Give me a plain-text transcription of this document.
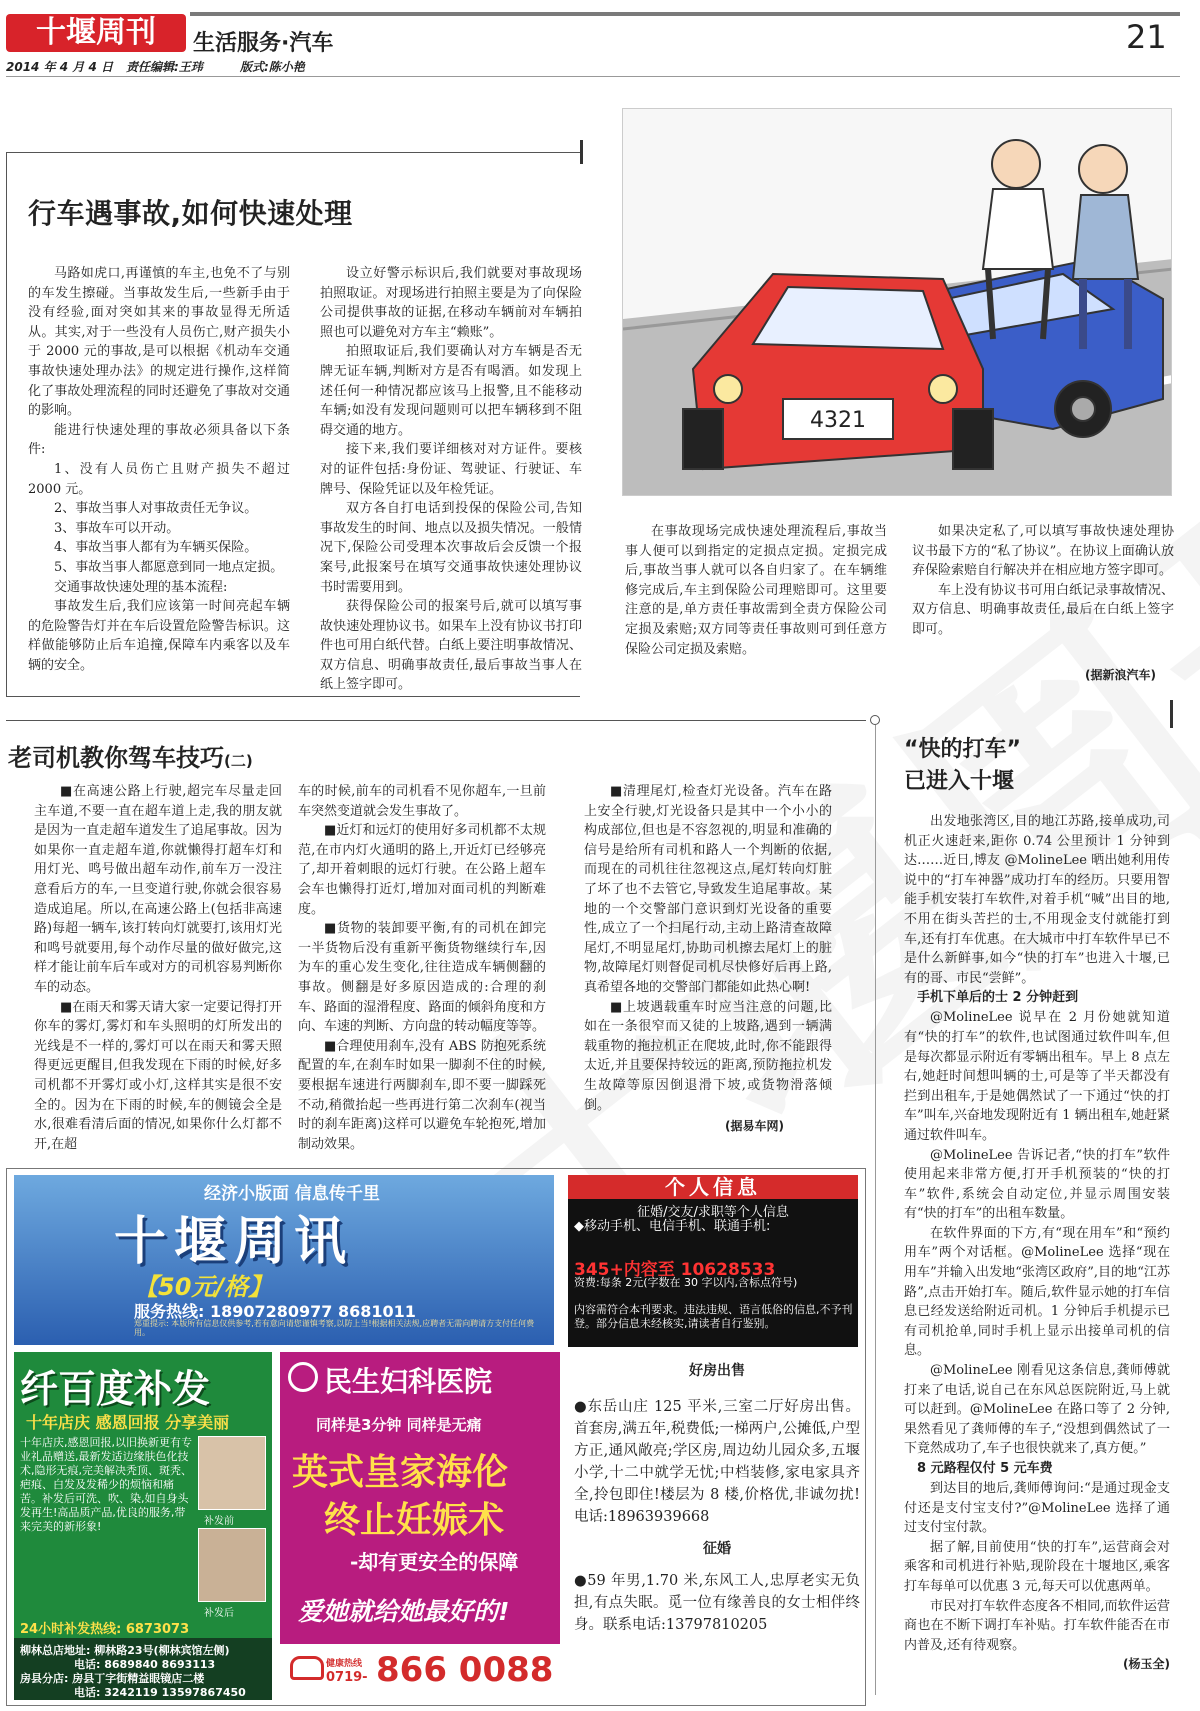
十堰周刊	生活服务·汽车
2014 年 4 月 4 日 责任编辑:王玮	版式:陈小艳
21
行车遇事故,如何快速处理

马路如虎口,再谨慎的车主,也免不了与别的车发生擦碰。当事故发生后,一些新手由于没有经验,面对突如其来的事故显得无所适从。其实,对于一些没有人员伤亡,财产损失小于 2000 元的事故,是可以根据《机动车交通事故快速处理办法》的规定进行操作,这样简化了事故处理流程的同时还避免了事故对交通的影响。

能进行快速处理的事故必须具备以下条件:

1、没有人员伤亡且财产损失不超过 2000 元。

2、事故当事人对事故责任无争议。

3、事故车可以开动。

4、事故当事人都有为车辆买保险。

5、事故当事人都愿意到同一地点定损。

交通事故快速处理的基本流程:

事故发生后,我们应该第一时间亮起车辆的危险警告灯并在车后设置危险警告标识。这样做能够防止后车追撞,保障车内乘客以及车辆的安全。

设立好警示标识后,我们就要对事故现场拍照取证。对现场进行拍照主要是为了向保险公司提供事故的证据,在移动车辆前对车辆拍照也可以避免对方车主“赖账”。

拍照取证后,我们要确认对方车辆是否无牌无证车辆,判断对方是否有喝酒。如发现上述任何一种情况都应该马上报警,且不能移动车辆;如没有发现问题则可以把车辆移到不阻碍交通的地方。

接下来,我们要详细核对对方证件。要核对的证件包括:身份证、驾驶证、行驶证、车牌号、保险凭证以及年检凭证。

双方各自打电话到投保的保险公司,告知事故发生的时间、地点以及损失情况。一般情况下,保险公司受理本次事故后会反馈一个报案号,此报案号在填写交通事故快速处理协议书时需要用到。

获得保险公司的报案号后,就可以填写事故快速处理协议书。如果车上没有协议书打印件也可用白纸代替。白纸上要注明事故情况、双方信息、明确事故责任,最后事故当事人在纸上签字即可。

4321

在事故现场完成快速处理流程后,事故当事人便可以到指定的定损点定损。定损完成后,事故当事人就可以各自归家了。在车辆维修完成后,车主到保险公司理赔即可。这里要注意的是,单方责任事故需到全责方保险公司定损及索赔;双方同等责任事故则可到任意方保险公司定损及索赔。

如果决定私了,可以填写事故快速处理协议书最下方的“私了协议”。在协议上面确认放弃保险索赔自行解决并在相应地方签字即可。

车上没有协议书可用白纸记录事故情况、双方信息、明确事故责任,最后在白纸上签字即可。

(据新浪汽车)
老司机教你驾车技巧(二)

■在高速公路上行驶,超完车尽量走回主车道,不要一直在超车道上走,我的朋友就是因为一直走超车道发生了追尾事故。因为如果你一直走超车道,你就懒得打超车灯和用灯光、鸣号做出超车动作,前车万一没注意看后方的车,一旦变道行驶,你就会很容易造成追尾。所以,在高速公路上(包括非高速路)每超一辆车,该打转向灯就要打,该用灯光和鸣号就要用,每个动作尽量的做好做完,这样才能让前车后车或对方的司机容易判断你车的动态。

■在雨天和雾天请大家一定要记得打开你车的雾灯,雾灯和车头照明的灯所发出的光线是不一样的,雾灯可以在雨天和雾天照得更远更醒目,但我发现在下雨的时候,好多司机都不开雾灯或小灯,这样其实是很不安全的。因为在下雨的时候,车的侧镜会全是水,很难看清后面的情况,如果你什么灯都不开,在超

车的时候,前车的司机看不见你超车,一旦前车突然变道就会发生事故了。

■近灯和远灯的使用好多司机都不太规范,在市内灯火通明的路上,开近灯已经够亮了,却开着刺眼的远灯行驶。在公路上超车会车也懒得打近灯,增加对面司机的判断难度。

■货物的装卸要平衡,有的司机在卸完一半货物后没有重新平衡货物继续行车,因为车的重心发生变化,往往造成车辆侧翻的事故。侧翻是好多原因造成的:合理的刹车、路面的湿滑程度、路面的倾斜角度和方向、车速的判断、方向盘的转动幅度等等。

■合理使用刹车,没有 ABS 防抱死系统配置的车,在刹车时如果一脚刹不住的时候,要根据车速进行两脚刹车,即不要一脚踩死不动,稍微抬起一些再进行第二次刹车(视当时的刹车距离)这样可以避免车轮抱死,增加制动效果。

■清理尾灯,检查灯光设备。汽车在路上安全行驶,灯光设备只是其中一个小小的构成部位,但也是不容忽视的,明显和准确的信号是给所有司机和路人一个判断的依据,而现在的司机往往忽视这点,尾灯转向灯脏了坏了也不去管它,导致发生追尾事故。某地的一个交警部门意识到灯光设备的重要性,成立了一个扫尾行动,主动上路清查故障尾灯,不明显尾灯,协助司机擦去尾灯上的脏物,故障尾灯则督促司机尽快修好后再上路,真希望各地的交警部门都能如此热心啊!

■上坡遇载重车时应当注意的问题,比如在一条很窄而又徒的上坡路,遇到一辆满载重物的拖拉机正在爬坡,此时,你不能跟得太近,并且要保持较远的距离,预防拖拉机发生故障等原因倒退滑下坡,或货物滑落倾倒。

(据易车网)
“快的打车”
已进入十堰

出发地张湾区,目的地江苏路,接单成功,司机正火速赶来,距你 0.74 公里预计 1 分钟到达……近日,博友 @MolineLee 晒出她利用传说中的“打车神器”成功打车的经历。只要用智能手机安装打车软件,对着手机“喊”出目的地,不用在街头苦拦的士,不用现金支付就能打到车,还有打车优惠。在大城市中打车软件早已不是什么新鲜事,如今“快的打车”也进入十堰,已有的哥、市民“尝鲜”。

手机下单后的士 2 分钟赶到

@MolineLee 说早在 2 月份她就知道有“快的打车”的软件,也试图通过软件叫车,但是每次都显示附近有零辆出租车。早上 8 点左右,她赶时间想叫辆的士,可是等了半天都没有拦到出租车,于是她偶然试了一下通过“快的打车”叫车,兴奋地发现附近有 1 辆出租车,她赶紧通过软件叫车。

@MolineLee 告诉记者,“快的打车”软件使用起来非常方便,打开手机预装的“快的打车”软件,系统会自动定位,并显示周围安装有“快的打车”的出租车数量。

在软件界面的下方,有“现在用车”和“预约用车”两个对话框。@MolineLee 选择“现在用车”并输入出发地“张湾区政府”,目的地“江苏路”,点击开始打车。随后,软件显示她的打车信息已经发送给附近司机。1 分钟后手机提示已有司机抢单,同时手机上显示出接单司机的信息。

@MolineLee 刚看见这条信息,龚师傅就打来了电话,说自己在东风总医院附近,马上就可以赶到。@MolineLee 在路口等了 2 分钟,果然看见了龚师傅的车子,“没想到偶然试了一下竟然成功了,车子也很快就来了,真方便。”

8 元路程仅付 5 元车费

到达目的地后,龚师傅询问:“是通过现金支付还是支付宝支付?”@MolineLee 选择了通过支付宝付款。

据了解,目前使用“快的打车”,运营商会对乘客和司机进行补贴,现阶段在十堰地区,乘客打车每单可以优惠 3 元,每天可以优惠两单。

市民对打车软件态度各不相同,而软件运营商也在不断下调打车补贴。打车软件能否在市内普及,还有待观察。

(杨玉全)

经济小版面 信息传千里
十堰周讯
【50元/格】
服务热线: 18907280977 8681011
郑重提示: 本版所有信息仅供参考,若有意向请您谨慎考察,以防上当!根据相关法规,应聘者无需向聘请方支付任何费用。
个人信息
征婚/交友/求职等个人信息
◆移动手机、电信手机、联通手机:
345+内容至 10628533
资费:每条 2元(字数在 30 字以内,含标点符号)
内容需符合本刊要求。违法违规、语言低俗的信息,不予刊登。部分信息未经核实,请读者自行鉴别。
纤百度补发
十年店庆 感恩回报 分享美丽
十年店庆,感恩回报,以旧换新更有专业礼品赠送,最新发适边缘肤色化技术,隐形无痕,完美解决秃顶、斑秃、疤痕、白发及发稀少的烦恼和痛苦。补发后可洗、吹、染,如自身头发再生!高品质产品,优良的服务,带来完美的新形象!	补发前
补发后
24小时补发热线: 6873073
柳林总店地址: 柳林路23号(柳林宾馆左侧)
电话: 8689840 8693113
房县分店: 房县丁字街精益眼镜店二楼
电话: 3242119 13597867450
民生妇科医院
同样是3分钟 同样是无痛
英式皇家海伦
终止妊娠术
-却有更安全的保障
爱她就给她最好的!
健康热线
0719- 866 0088
好房出售

●东岳山庄 125 平米,三室二厅好房出售。首套房,满五年,税费低;一梯两户,公摊低,户型方正,通风敞亮;学区房,周边幼儿园众多,五堰小学,十二中就学无忧;中档装修,家电家具齐全,拎包即住!楼层为 8 楼,价格优,非诚勿扰!电话:18963939668

征婚

●59 年男,1.70 米,东风工人,忠厚老实无负担,有点失眠。觅一位有缘善良的女士相伴终身。联系电话:13797810205
